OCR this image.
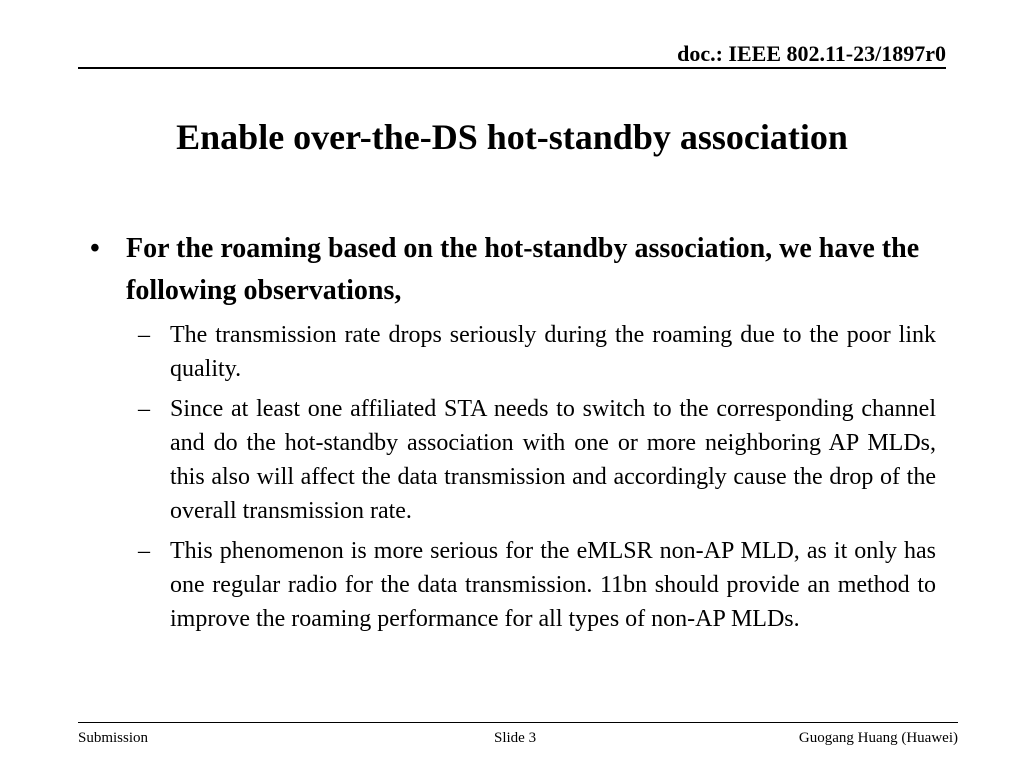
doc.: IEEE 802.11-23/1897r0
Enable over-the-DS hot-standby association
• For the roaming based on the hot-standby association, we have the following observations,
– The transmission rate drops seriously during the roaming due to the poor link quality.
– Since at least one affiliated STA needs to switch to the corresponding channel and do the hot-standby association with one or more neighboring AP MLDs, this also will affect the data transmission and accordingly cause the drop of the overall transmission rate.
– This phenomenon is more serious for the eMLSR non-AP MLD, as it only has one regular radio for the data transmission. 11bn should provide an method to improve the roaming performance for all types of non-AP MLDs.
Submission	Slide 3	Guogang Huang (Huawei)
